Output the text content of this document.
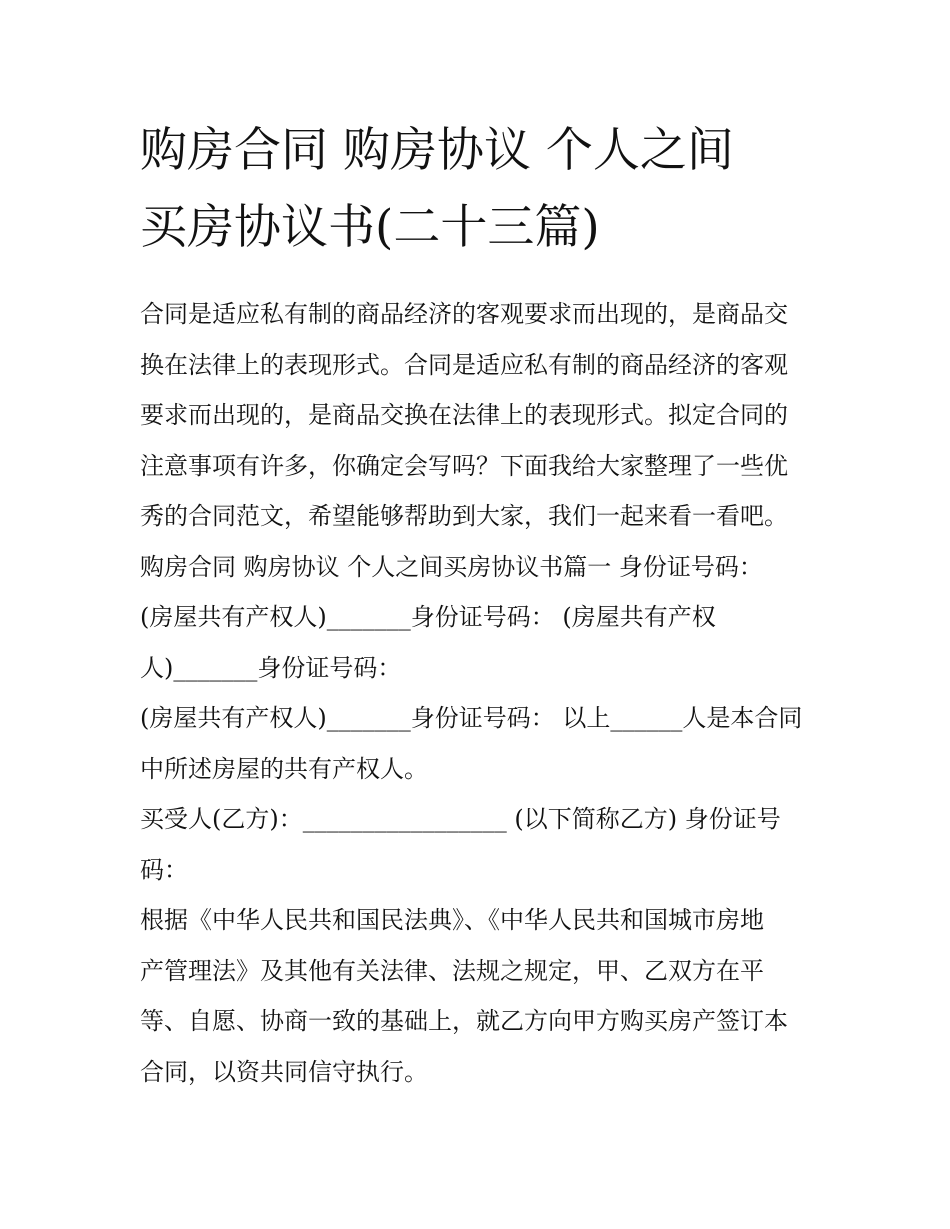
购房合同 购房协议 个人之间
买房协议书(二十三篇)
合同是适应私有制的商品经济的客观要求而出现的，是商品交
换在法律上的表现形式。合同是适应私有制的商品经济的客观
要求而出现的，是商品交换在法律上的表现形式。拟定合同的
注意事项有许多，你确定会写吗？下面我给大家整理了一些优
秀的合同范文，希望能够帮助到大家，我们一起来看一看吧。
购房合同 购房协议 个人之间买房协议书篇一 身份证号码：
(房屋共有产权人)_______身份证号码： (房屋共有产权
人)_______身份证号码：
(房屋共有产权人)_______身份证号码： 以上______人是本合同
中所述房屋的共有产权人。
买受人(乙方)：_________________ (以下简称乙方) 身份证号
码：
根据《中华人民共和国民法典》、《中华人民共和国城市房地
产管理法》及其他有关法律、法规之规定，甲、乙双方在平
等、自愿、协商一致的基础上，就乙方向甲方购买房产签订本
合同，以资共同信守执行。
